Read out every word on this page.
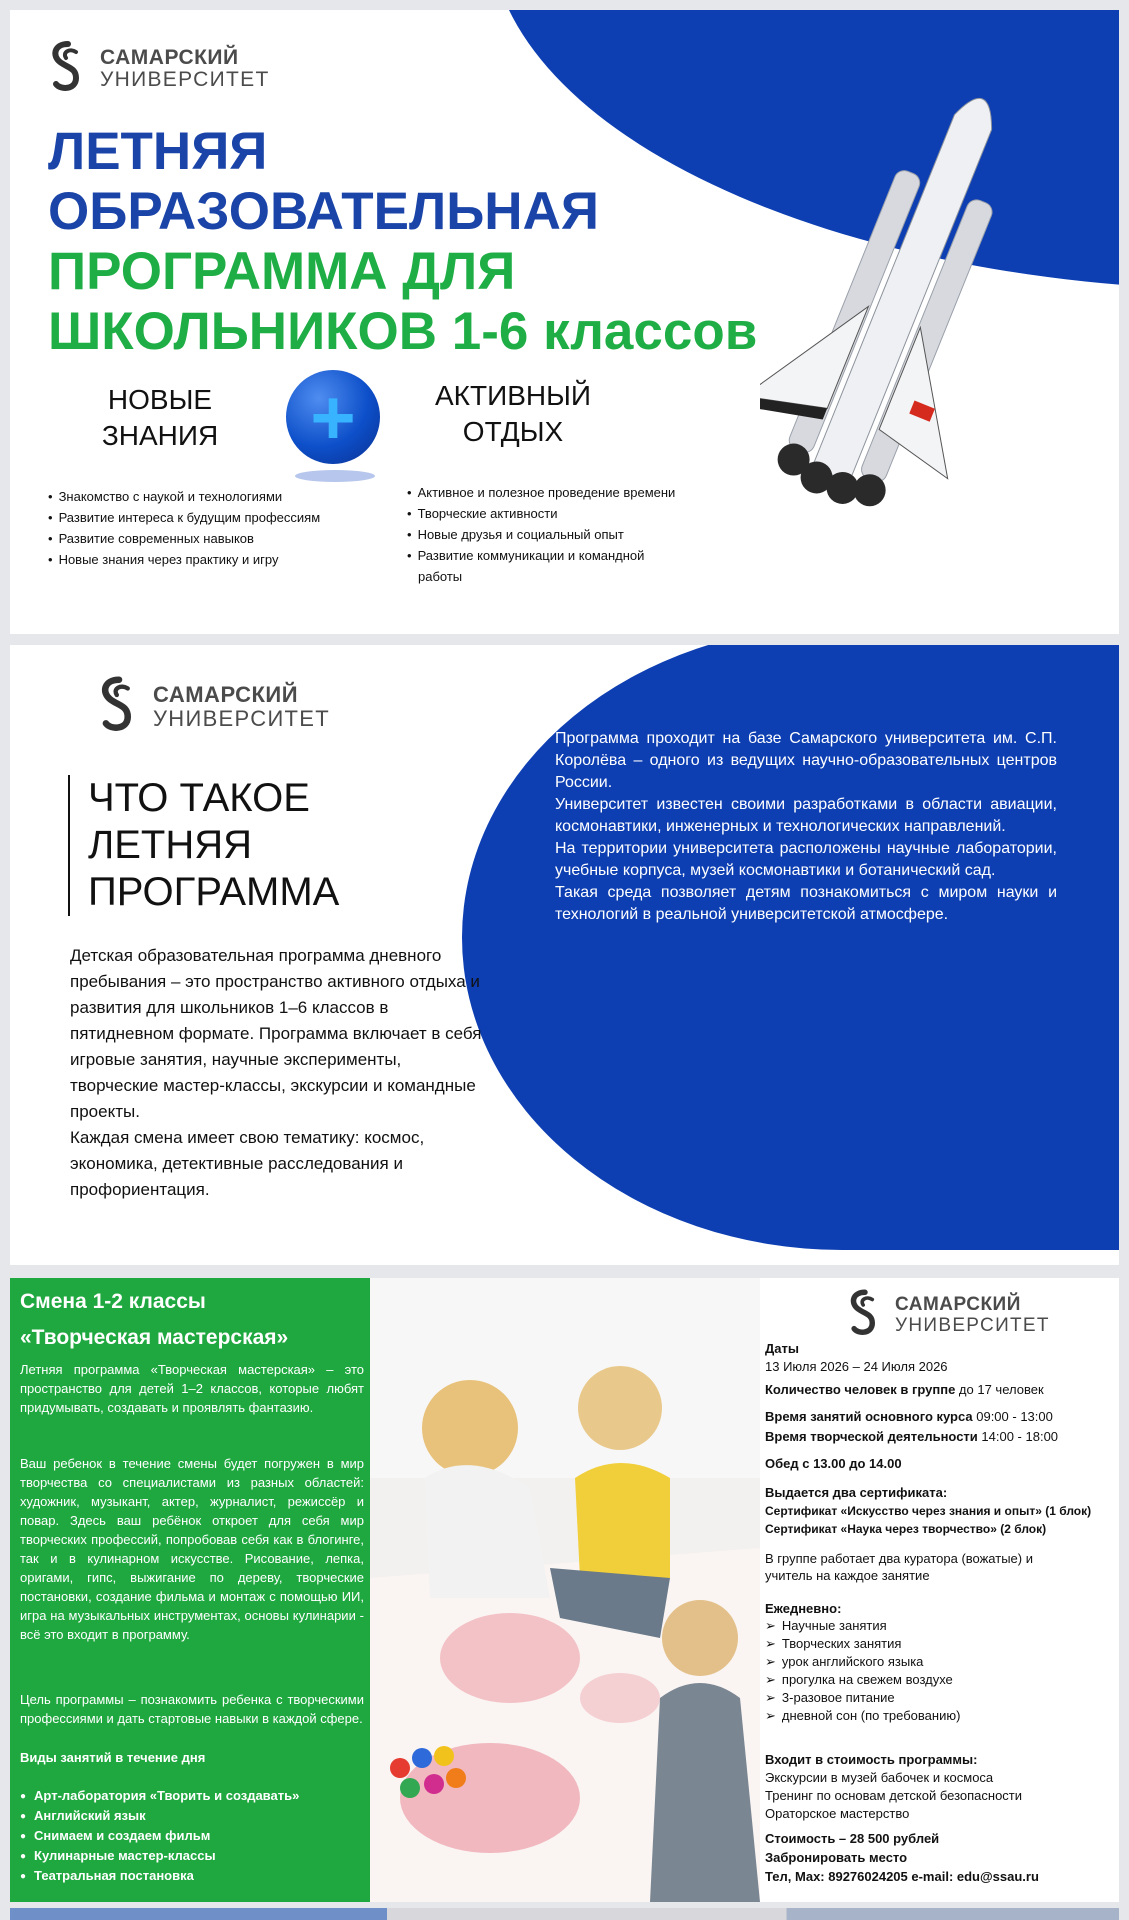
САМАРСКИЙ
УНИВЕРСИТЕТ
ЛЕТНЯЯ
ОБРАЗОВАТЕЛЬНАЯ
ПРОГРАММА ДЛЯ
ШКОЛЬНИКОВ 1-6 классов
НОВЫЕ
ЗНАНИЯ +	АКТИВНЫЙ
ОТДЫХ
• Знакомство с наукой и технологиями
• Развитие интереса к будущим профессиям
• Развитие современных навыков
• Новые знания через практику и игру
• Активное и полезное проведение времени
• Творческие активности
• Новые друзья и социальный опыт
• Развитие коммуникации и командной
работы
САМАРСКИЙ
УНИВЕРСИТЕТ
ЧТО ТАКОЕ
ЛЕТНЯЯ
ПРОГРАММА

Детская образовательная программа дневного пребывания – это пространство активного отдыха и развития для школьников 1–6 классов в пятидневном формате. Программа включает в себя игровые занятия, научные эксперименты, творческие мастер-классы, экскурсии и командные проекты.

Каждая смена имеет свою тематику: космос, экономика, детективные расследования и профориентация.

Программа проходит на базе Самарского университета им. С.П. Королёва – одного из ведущих научно-образовательных центров России.

Университет известен своими разработками в области авиации, космонавтики, инженерных и технологических направлений.

На территории университета расположены научные лаборатории, учебные корпуса, музей космонавтики и ботанический сад.

Такая среда позволяет детям познакомиться с миром науки и технологий в реальной университетской атмосфере.

Смена 1-2 классы
«Творческая мастерская»

Летняя программа «Творческая мастерская» – это пространство для детей 1–2 классов, которые любят придумывать, создавать и проявлять фантазию.

Ваш ребенок в течение смены будет погружен в мир творчества со специалистами из разных областей: художник, музыкант, актер, журналист, режиссёр и повар. Здесь ваш ребёнок откроет для себя мир творческих профессий, попробовав себя как в блогинге, так и в кулинарном искусстве. Рисование, лепка, оригами, гипс, выжигание по дереву, творческие постановки, создание фильма и монтаж с помощью ИИ, игра на музыкальных инструментах, основы кулинарии - всё это входит в программу.

Цель программы – познакомить ребенка с творческими профессиями и дать стартовые навыки в каждой сфере.

Виды занятий в течение дня
● Арт-лаборатория «Творить и создавать»
● Английский язык
● Снимаем и создаем фильм
● Кулинарные мастер-классы
● Театральная постановка
САМАРСКИЙ
УНИВЕРСИТЕТ
Даты
13 Июля 2026 – 24 Июля 2026
Количество человек в группе до 17 человек
Время занятий основного курса 09:00 - 13:00
Время творческой деятельности 14:00 - 18:00
Обед с 13.00 до 14.00
Выдается два сертификата:
Сертификат «Искусство через знания и опыт» (1 блок)
Сертификат «Наука через творчество» (2 блок)
В группе работает два куратора (вожатые) и
учитель на каждое занятие
Ежедневно:
➢ Научные занятия
➢ Творческих занятия
➢ урок английского языка
➢ прогулка на свежем воздухе
➢ 3-разовое питание
➢ дневной сон (по требованию)
Входит в стоимость программы:
Экскурсии в музей бабочек и космоса
Тренинг по основам детской безопасности
Ораторское мастерство
Стоимость – 28 500 рублей
Забронировать место
Тел, Max: 89276024205 e-mail: edu@ssau.ru
